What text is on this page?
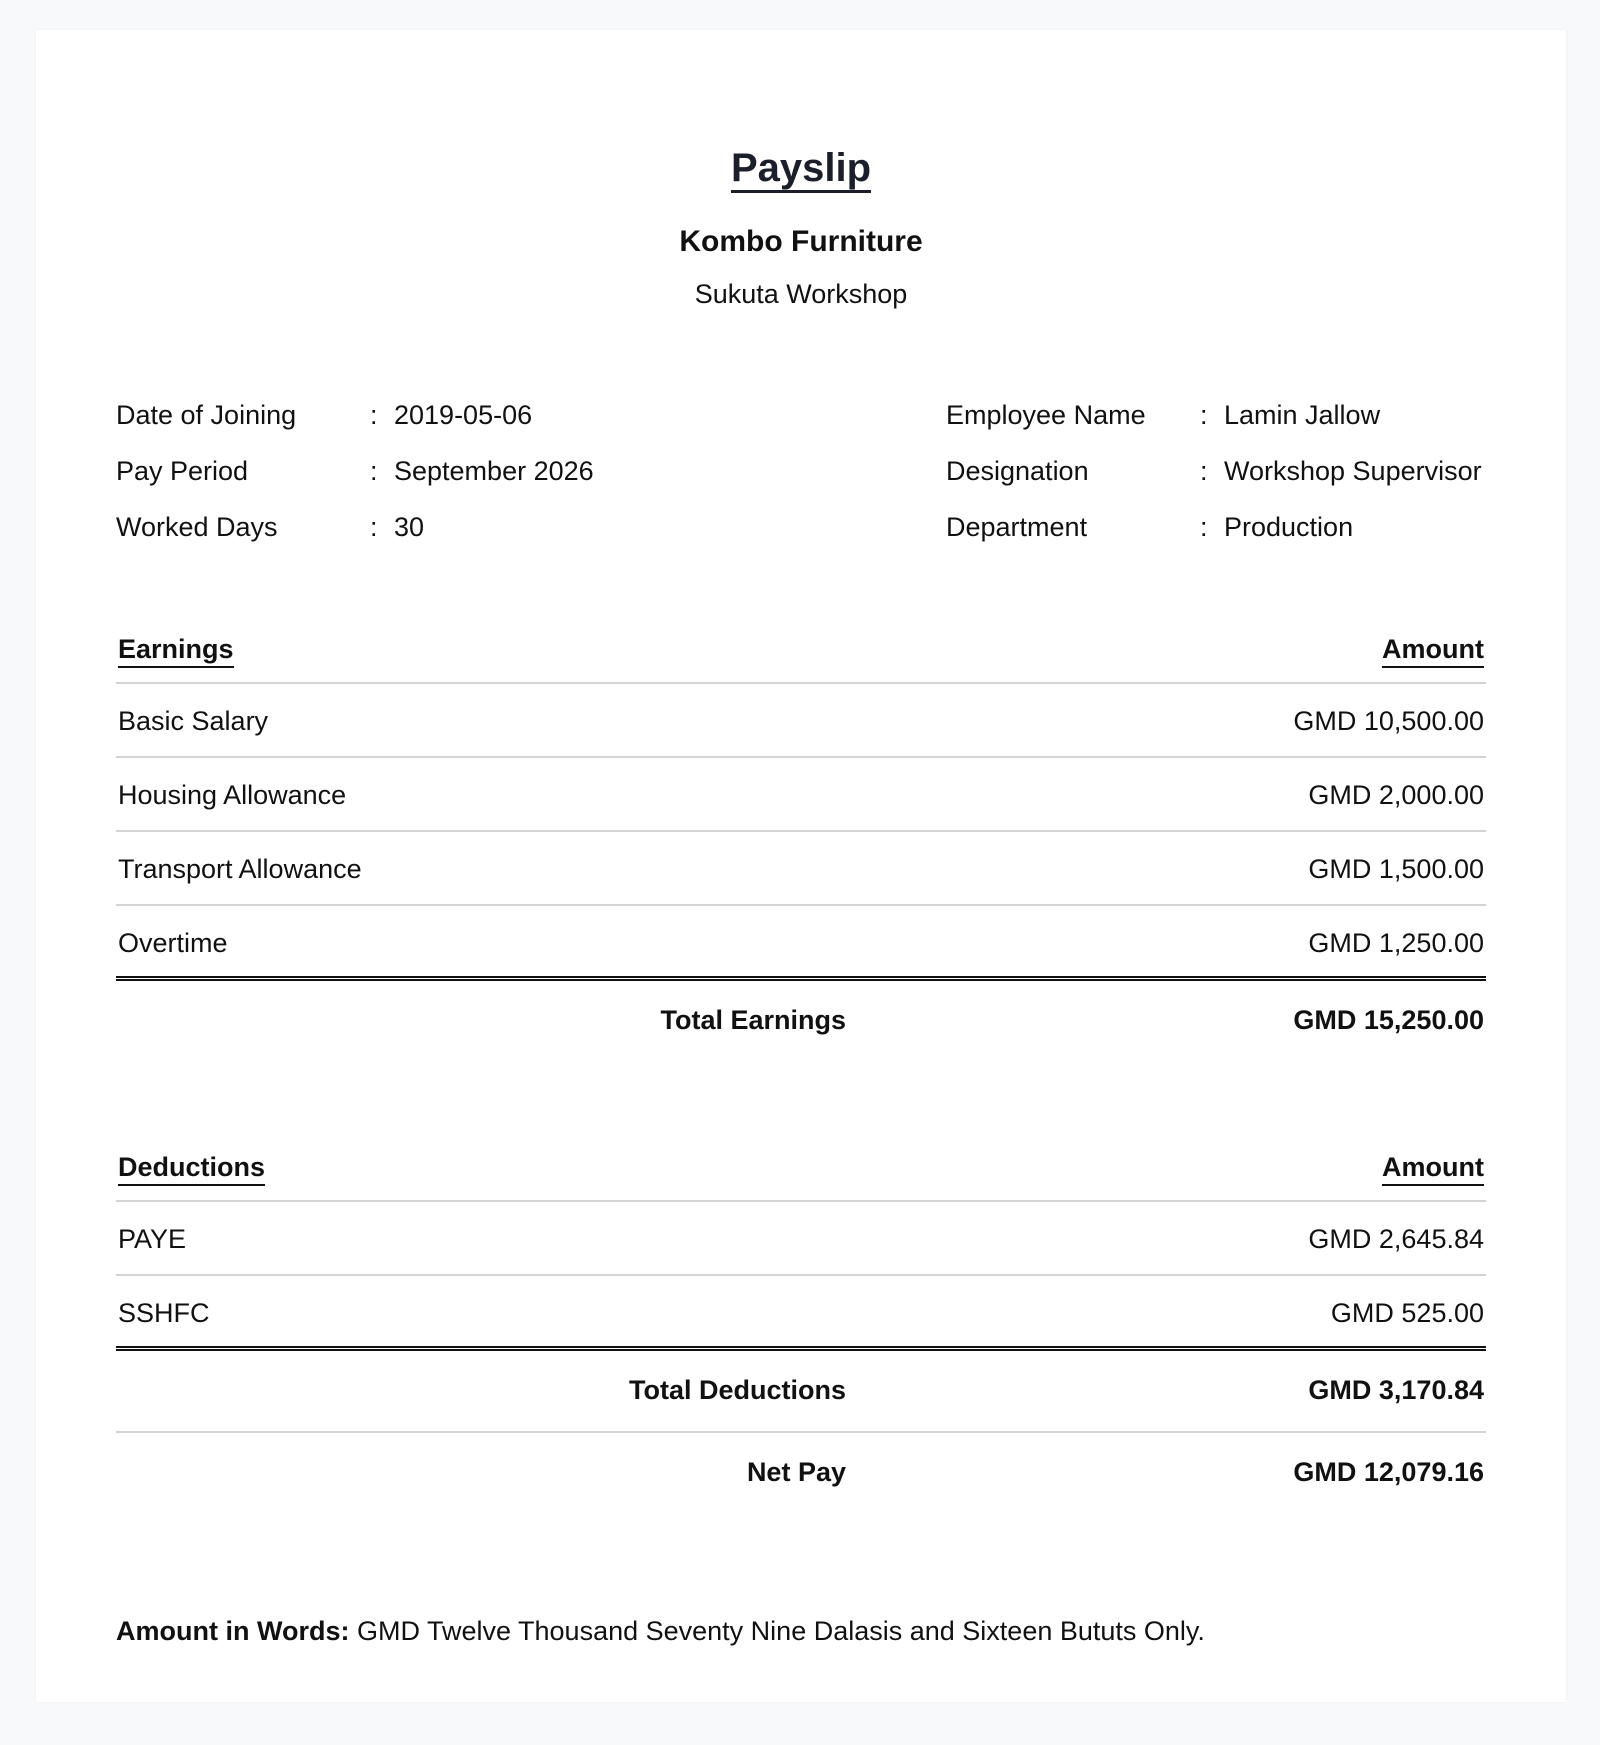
Payslip
Kombo Furniture
Sukuta Workshop
Date of Joining	: 2019-05-06
Pay Period	: September 2026
Worked Days	: 30
Employee Name : Lamin Jallow
Designation	: Workshop Supervisor
Department	: Production
Earnings	Amount
Basic Salary	GMD 10,500.00
Housing Allowance	GMD 2,000.00
Transport Allowance	GMD 1,500.00
Overtime	GMD 1,250.00
Total Earnings	GMD 15,250.00
Deductions	Amount
PAYE	GMD 2,645.84
SSHFC	GMD 525.00
Total Deductions	GMD 3,170.84
Net Pay	GMD 12,079.16
Amount in Words: GMD Twelve Thousand Seventy Nine Dalasis and Sixteen Bututs Only.
